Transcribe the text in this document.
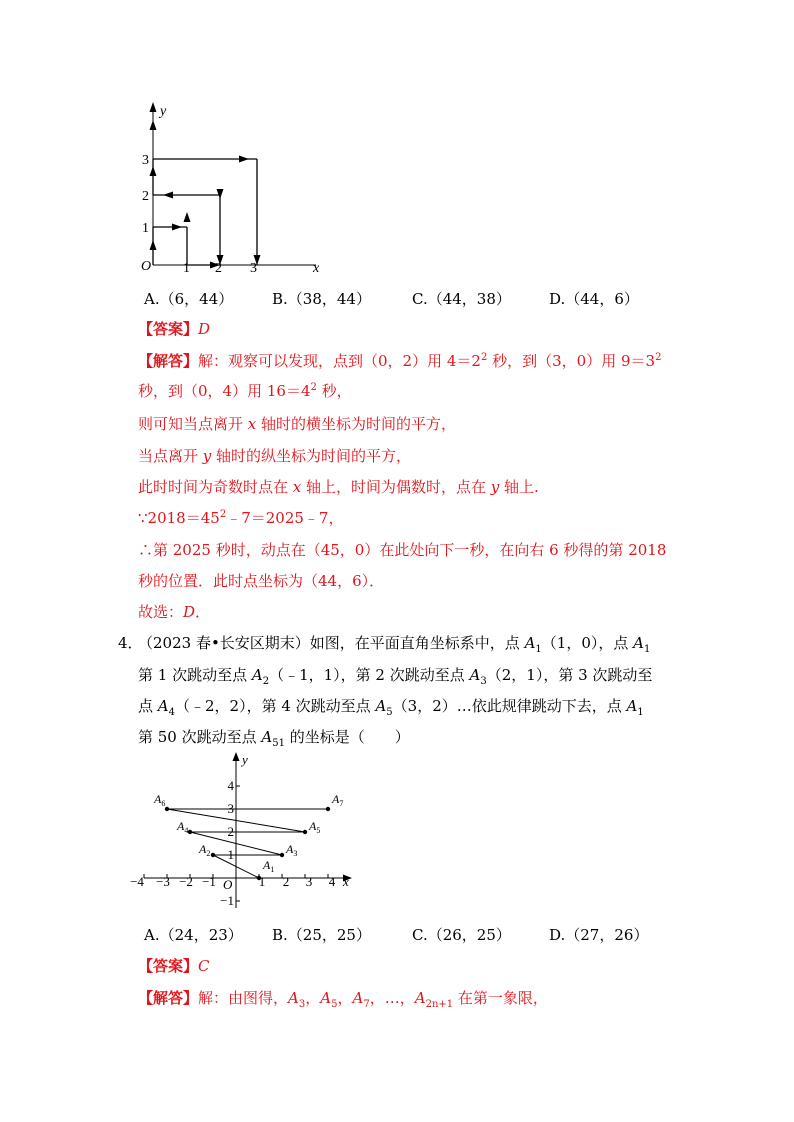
y
x
O 1 2 3
1
2
3
A.（6，44）	B.（38，44）	C.（44，38）	D.（44，6）
【答案】D
【解答】解：观察可以发现，点到（0，2）用 $4=2^2$ 秒，到（3，0）用 $9=3^2$
秒，到（0，4）用 $16=4^2$ 秒，
则可知当点离开 x 轴时的横坐标为时间的平方，
当点离开 y 轴时的纵坐标为时间的平方，
此时时间为奇数时点在 x 轴上，时间为偶数时，点在 y 轴上.
$\because 2018=45^2﹣7=2025﹣7$，
∴第 2025 秒时，动点在（45，0）在此处向下一秒，在向右 6 秒得的第 2018
秒的位置．此时点坐标为（44，6）．
故选：D．
4．
（2023 春•长安区期末）如图，在平面直角坐标系中，点 $A_1(1$，0），点 $A_1$
第 1 次跳动至点 $A_2(﹣1$，1），第 2 次跳动至点 $A_3(2$，1），第 3 次跳动至
点 $A_4(﹣2$，2），第 4 次跳动至点 $A_5(3$，2）…依此规律跳动下去，点 $A_1$
第 50 次跳动至点 $A_{51}$ 的坐标是（　　）
−4 −3 −2 −1	1 2 3 4
4
3
2
1
−1
O	x
y
$A_1$
$A_2$	$A_3$
$A_4$	$A_5$
$A_6$	$A_7$
A.（24，23） B.（25，25）	C.（26，25）	D.（27，26）
【答案】C
【解答】解：由图得，$A_3$，$A_5$，$A_7$，…，$A_{2n+1}$ 在第一象限，
